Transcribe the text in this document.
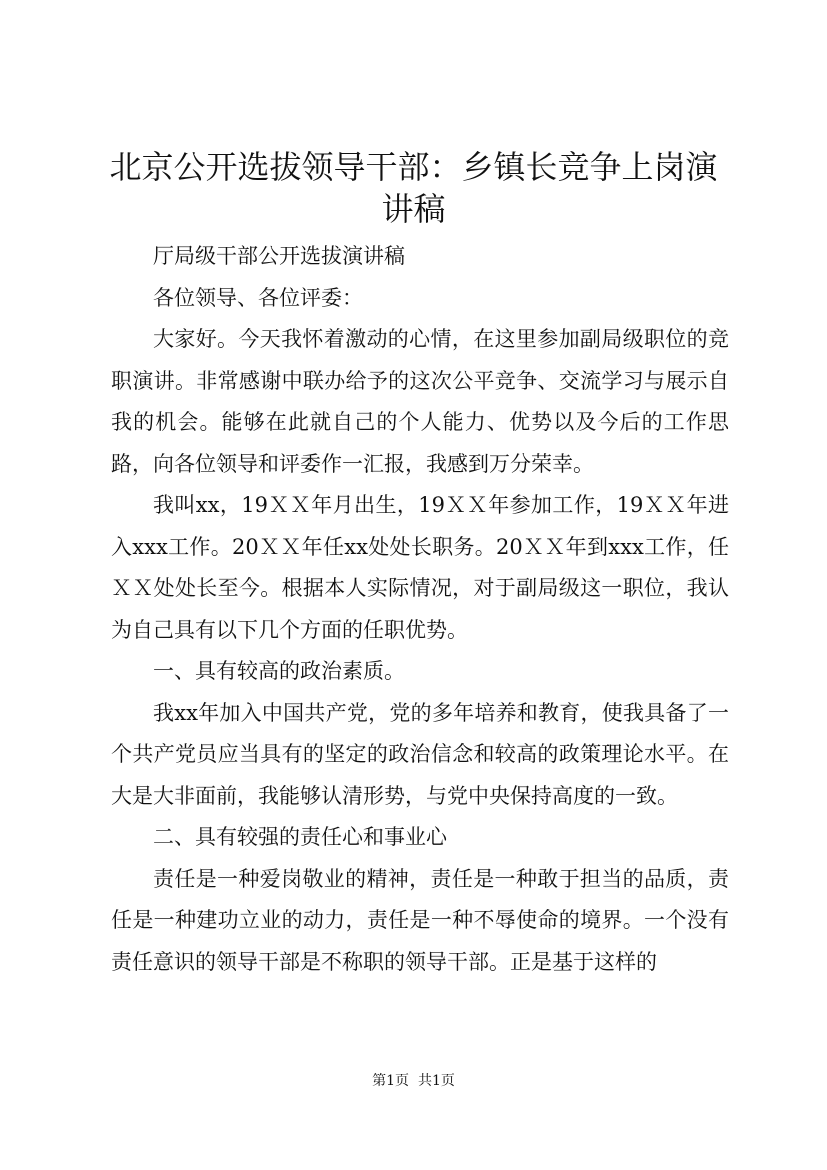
北京公开选拔领导干部：乡镇长竞争上岗演讲稿

厅局级干部公开选拔演讲稿

各位领导、各位评委：

大家好。今天我怀着激动的心情，在这里参加副局级职位的竞职演讲。非常感谢中联办给予的这次公平竞争、交流学习与展示自我的机会。能够在此就自己的个人能力、优势以及今后的工作思路，向各位领导和评委作一汇报，我感到万分荣幸。

我叫xx，19ＸＸ年月出生，19ＸＸ年参加工作，19ＸＸ年进入xxx工作。20ＸＸ年任xx处处长职务。20ＸＸ年到xxx工作，任ＸＸ处处长至今。根据本人实际情况，对于副局级这一职位，我认为自己具有以下几个方面的任职优势。

一、具有较高的政治素质。

我xx年加入中国共产党，党的多年培养和教育，使我具备了一个共产党员应当具有的坚定的政治信念和较高的政策理论水平。在大是大非面前，我能够认清形势，与党中央保持高度的一致。

二、具有较强的责任心和事业心

责任是一种爱岗敬业的精神，责任是一种敢于担当的品质，责任是一种建功立业的动力，责任是一种不辱使命的境界。一个没有责任意识的领导干部是不称职的领导干部。正是基于这样的

第1页  共1页
